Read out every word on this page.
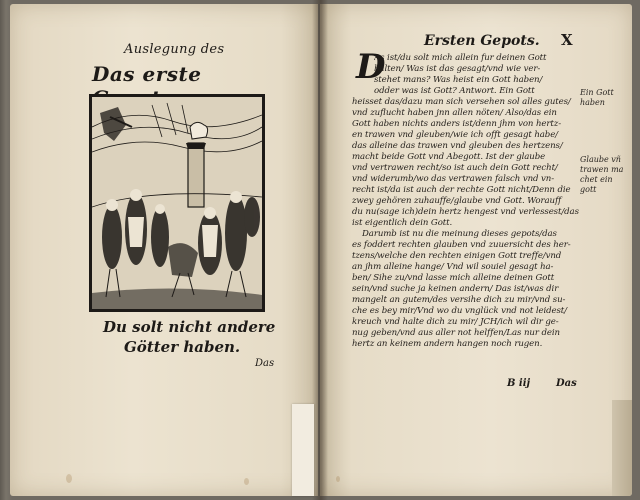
Auslegung des
Das erste
Du solt nicht andere
Götter haben.
Das
Ersten Gepots. X
D
As ist/du solt mich allein fur deinen Gott
halten/ Was ist das gesagt/vnd wie ver-
stehet mans? Was heist ein Gott haben/
odder was ist Gott? Antwort. Ein Gott
heisset das/dazu man sich versehen sol alles gutes/
vnd zuflucht haben jnn allen nöten/ Also/das ein
Gott haben nichts anders ist/denn jhm von hertz-
en trawen vnd gleuben/wie ich offt gesagt habe/
das alleine das trawen vnd gleuben des hertzens/
macht beide Gott vnd Abegott. Ist der glaube
vnd vertrawen recht/so ist auch dein Gott recht/
vnd widerumb/wo das vertrawen falsch vnd vn-
recht ist/da ist auch der rechte Gott nicht/Denn die
zwey gehören zuhauffe/glaube vnd Gott. Worauff
du nu(sage ich)dein hertz hengest vnd verlessest/das
ist eigentlich dein Gott.
Darumb ist nu die meinung dieses gepots/das
es foddert rechten glauben vnd zuuersicht des her-
tzens/welche den rechten einigen Gott treffe/vnd
an jhm alleine hange/ Vnd wil souiel gesagt ha-
ben/ Sihe zu/vnd lasse mich alleine deinen Gott
sein/vnd suche ja keinen andern/ Das ist/was dir
mangelt an gutem/des versihe dich zu mir/vnd su-
che es bey mir/Vnd wo du vnglück vnd not leidest/
kreuch vnd halte dich zu mir/ JCH/ich wil dir ge-
nug geben/vnd aus aller not helffen/Las nur dein
hertz an keinem andern hangen noch rugen.
Ein Gott
haben
Glaube vñ
trawen ma
chet ein gott
B iij	Das
